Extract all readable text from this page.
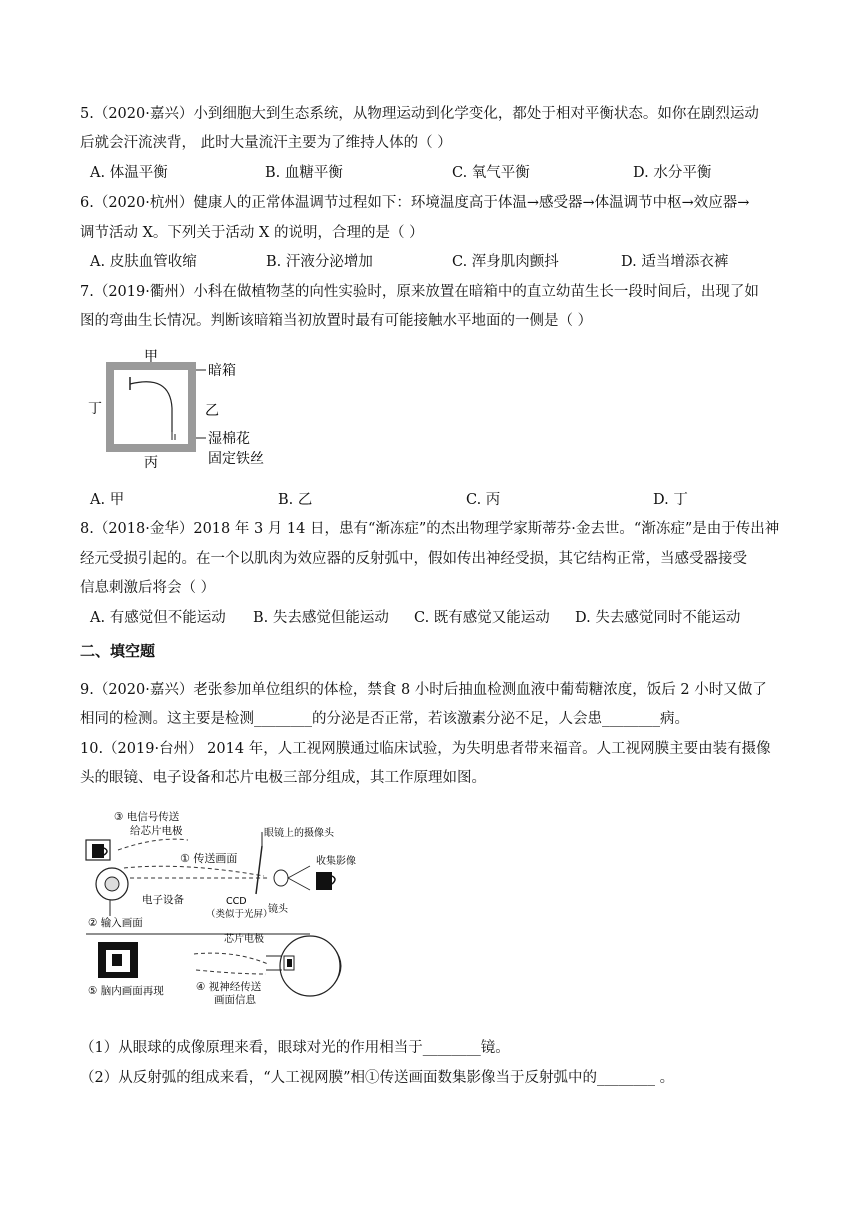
5.（2020·嘉兴）小到细胞大到生态系统，从物理运动到化学变化，都处于相对平衡状态。如你在剧烈运动
后就会汗流浃背， 此时大量流汗主要为了维持人体的（ ）
A. 体温平衡	B. 血糖平衡	C. 氧气平衡	D. 水分平衡
6.（2020·杭州）健康人的正常体温调节过程如下：环境温度高于体温→感受器→体温调节中枢→效应器→
调节活动 X。下列关于活动 X 的说明，合理的是（ ）
A. 皮肤血管收缩	B. 汗液分泌增加	C. 浑身肌肉颤抖	D. 适当增添衣裤
7.（2019·衢州）小科在做植物茎的向性实验时，原来放置在暗箱中的直立幼苗生长一段时间后，出现了如
图的弯曲生长情况。判断该暗箱当初放置时最有可能接触水平地面的一侧是（ ）
甲
暗箱
丁	乙
湿棉花
丙	固定铁丝
A. 甲	B. 乙	C. 丙	D. 丁
8.（2018·金华）2018 年 3 月 14 日，患有“渐冻症”的杰出物理学家斯蒂芬·金去世。“渐冻症”是由于传出神
经元受损引起的。在一个以肌肉为效应器的反射弧中，假如传出神经受损，其它结构正常，当感受器接受
信息刺激后将会（ ）
A. 有感觉但不能运动 B. 失去感觉但能运动 C. 既有感觉又能运动 D. 失去感觉同时不能运动
二、填空题
9.（2020·嘉兴）老张参加单位组织的体检，禁食 8 小时后抽血检测血液中葡萄糖浓度，饭后 2 小时又做了
相同的检测。这主要是检测________的分泌是否正常，若该激素分泌不足，人会患________病。
10.（2019·台州） 2014 年，人工视网膜通过临床试验，为失明患者带来福音。人工视网膜主要由装有摄像
头的眼镜、电子设备和芯片电极三部分组成，其工作原理如图。
③ 电信号传送
给芯片电极
① 传送画面
电子设备
② 输入画面
眼镜上的摄像头
收集影像
CCD
（类似于光屏）
镜头
芯片电极
⑤ 脑内画面再现	④ 视神经传送
画面信息
（1）从眼球的成像原理来看，眼球对光的作用相当于________镜。
（2）从反射弧的组成来看，“人工视网膜”相①传送画面数集影像当于反射弧中的________ 。
